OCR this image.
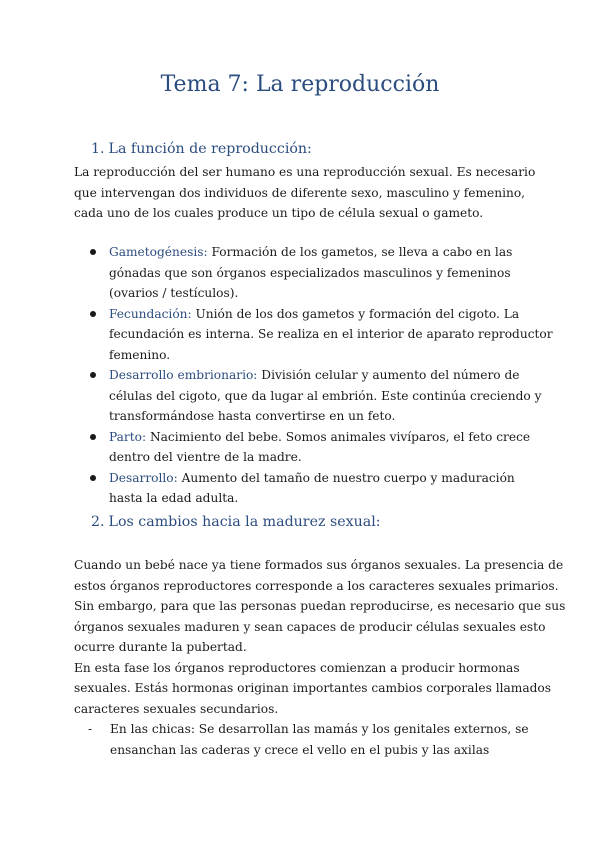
Tema 7: La reproducción
1. La función de reproducción:

La reproducción del ser humano es una reproducción sexual. Es necesario
que intervengan dos individuos de diferente sexo, masculino y femenino,
cada uno de los cuales produce un tipo de célula sexual o gameto.

Gametogénesis: Formación de los gametos, se lleva a cabo en las
gónadas que son órganos especializados masculinos y femeninos
(ovarios / testículos).
Fecundación: Unión de los dos gametos y formación del cigoto. La
fecundación es interna. Se realiza en el interior de aparato reproductor
femenino.
Desarrollo embrionario: División celular y aumento del número de
células del cigoto, que da lugar al embrión. Este continúa creciendo y
transformándose hasta convertirse en un feto.
Parto: Nacimiento del bebe. Somos animales vivíparos, el feto crece
dentro del vientre de la madre.
Desarrollo: Aumento del tamaño de nuestro cuerpo y maduración
hasta la edad adulta.
2. Los cambios hacia la madurez sexual:

Cuando un bebé nace ya tiene formados sus órganos sexuales. La presencia de
estos órganos reproductores corresponde a los caracteres sexuales primarios.
Sin embargo, para que las personas puedan reproducirse, es necesario que sus
órganos sexuales maduren y sean capaces de producir células sexuales esto
ocurre durante la pubertad.
En esta fase los órganos reproductores comienzan a producir hormonas
sexuales. Estás hormonas originan importantes cambios corporales llamados
caracteres sexuales secundarios.

- En las chicas: Se desarrollan las mamás y los genitales externos, se
ensanchan las caderas y crece el vello en el pubis y las axilas
